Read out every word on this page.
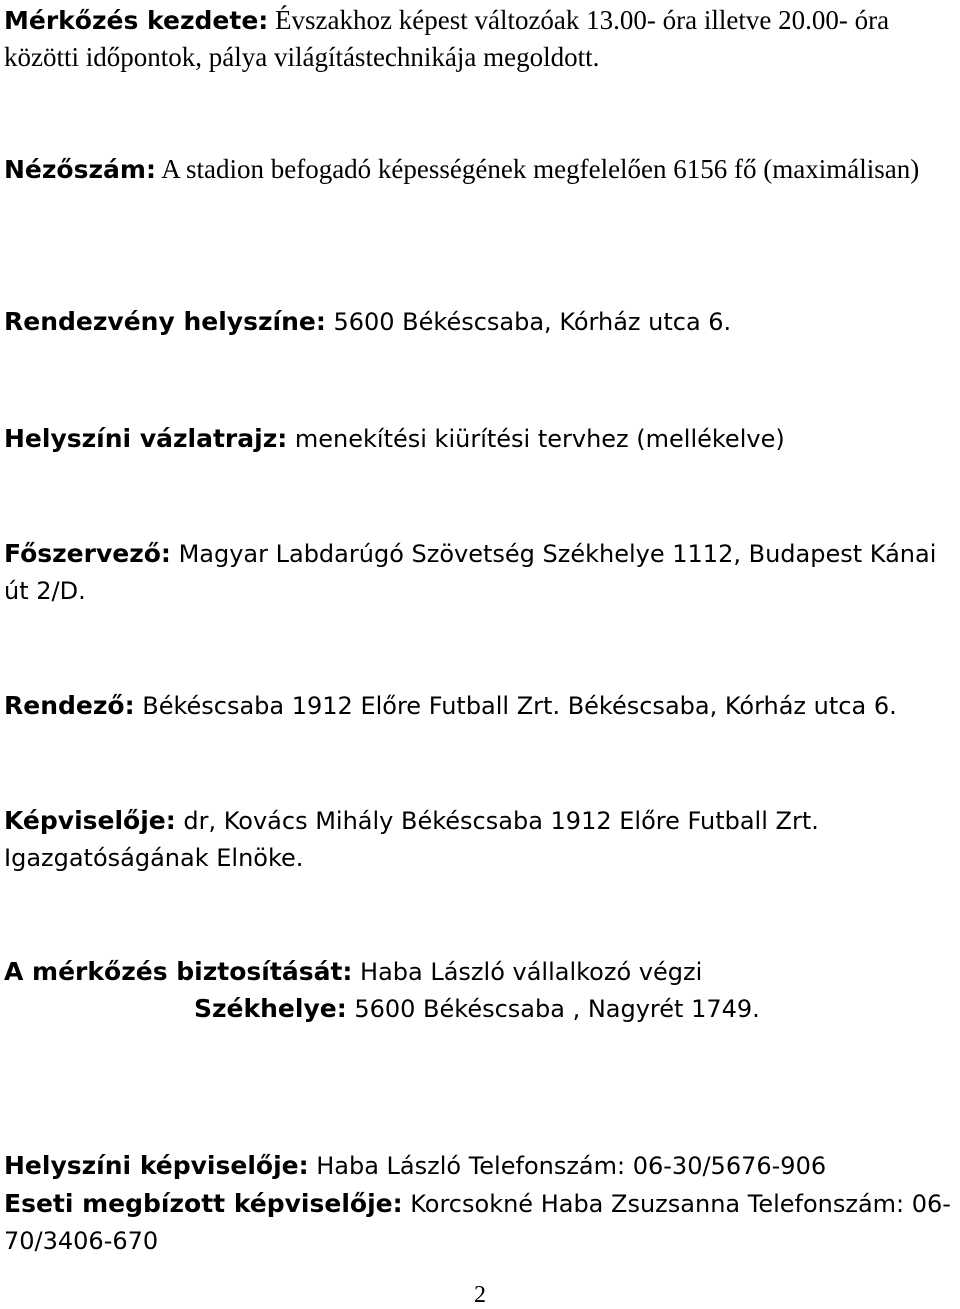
Mérkőzés kezdete: Évszakhoz képest változóak 13.00- óra illetve 20.00- óra közötti időpontok, pálya világítástechnikája megoldott.
Nézőszám: A stadion befogadó képességének megfelelően 6156 fő (maximálisan)
Rendezvény helyszíne: 5600 Békéscsaba, Kórház utca 6.
Helyszíni vázlatrajz: menekítési kiürítési tervhez (mellékelve)
Főszervező: Magyar Labdarúgó Szövetség Székhelye 1112, Budapest Kánai út 2/D.
Rendező: Békéscsaba 1912 Előre Futball Zrt. Békéscsaba, Kórház utca 6.
Képviselője: dr, Kovács Mihály Békéscsaba 1912 Előre Futball Zrt. Igazgatóságának Elnöke.
A mérkőzés biztosítását: Haba László vállalkozó végzi
Székhelye: 5600 Békéscsaba , Nagyrét 1749.
Helyszíni képviselője: Haba László Telefonszám: 06-30/5676-906
Eseti megbízott képviselője: Korcsokné Haba Zsuzsanna Telefonszám: 06-70/3406-670
2
